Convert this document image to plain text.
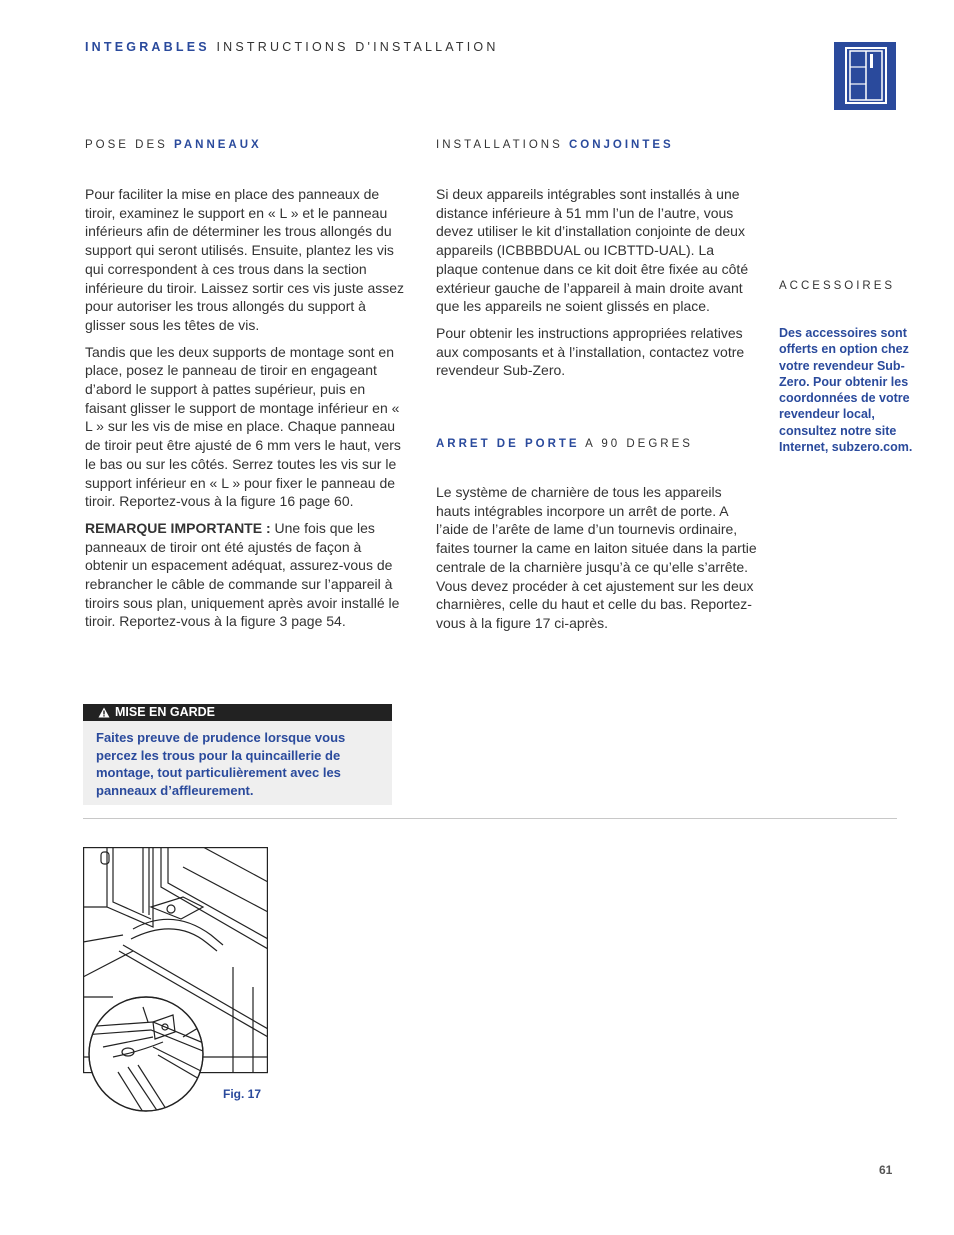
INTEGRABLES INSTRUCTIONS D'INSTALLATION
POSE DES PANNEAUX

Pour faciliter la mise en place des panneaux de tiroir, examinez le support en « L » et le panneau inférieurs afin de déterminer les trous allongés du support qui seront utilisés. Ensuite, plantez les vis qui correspondent à ces trous dans la section inférieure du tiroir. Laissez sortir ces vis juste assez pour autoriser les trous allongés du support à glisser sous les têtes de vis.

Tandis que les deux supports de montage sont en place, posez le panneau de tiroir en engageant d’abord le support à pattes supérieur, puis en faisant glisser le support de montage inférieur en « L » sur les vis de mise en place. Chaque panneau de tiroir peut être ajusté de 6 mm vers le haut, vers le bas ou sur les côtés. Serrez toutes les vis sur le support inférieur en « L » pour fixer le panneau de tiroir. Reportez-vous à la figure 16 page 60.

REMARQUE IMPORTANTE : Une fois que les panneaux de tiroir ont été ajustés de façon à obtenir un espacement adéquat, assurez-vous de rebrancher le câble de commande sur l’appareil à tiroirs sous plan, uniquement après avoir installé le tiroir. Reportez-vous à la figure 3 page 54.

MISE EN GARDE
Faites preuve de prudence lorsque vous percez les trous pour la quincaillerie de montage, tout particulièrement avec les panneaux d’affleurement.
INSTALLATIONS CONJOINTES

Si deux appareils intégrables sont installés à une distance inférieure à 51 mm l’un de l’autre, vous devez utiliser le kit d’installation conjointe de deux appareils (ICBBBDUAL ou ICBTTD-UAL). La plaque contenue dans ce kit doit être fixée au côté extérieur gauche de l’appareil à main droite avant que les appareils ne soient glissés en place.

Pour obtenir les instructions appropriées relatives aux composants et à l’installation, contactez votre revendeur Sub-Zero.

ARRET DE PORTE A 90 DEGRES

Le système de charnière de tous les appareils hauts intégrables incorpore un arrêt de porte. A l’aide de l’arête de lame d’un tournevis ordinaire, faites tourner la came en laiton située dans la partie centrale de la charnière jusqu’à ce qu’elle s’arrête. Vous devez procéder à cet ajustement sur les deux charnières, celle du haut et celle du bas. Reportez-vous à la figure 17 ci-après.

ACCESSOIRES
Des accessoires sont offerts en option chez votre revendeur Sub-Zero. Pour obtenir les coordonnées de votre revendeur local, consultez notre site Internet, subzero.com.
Fig. 17
61
